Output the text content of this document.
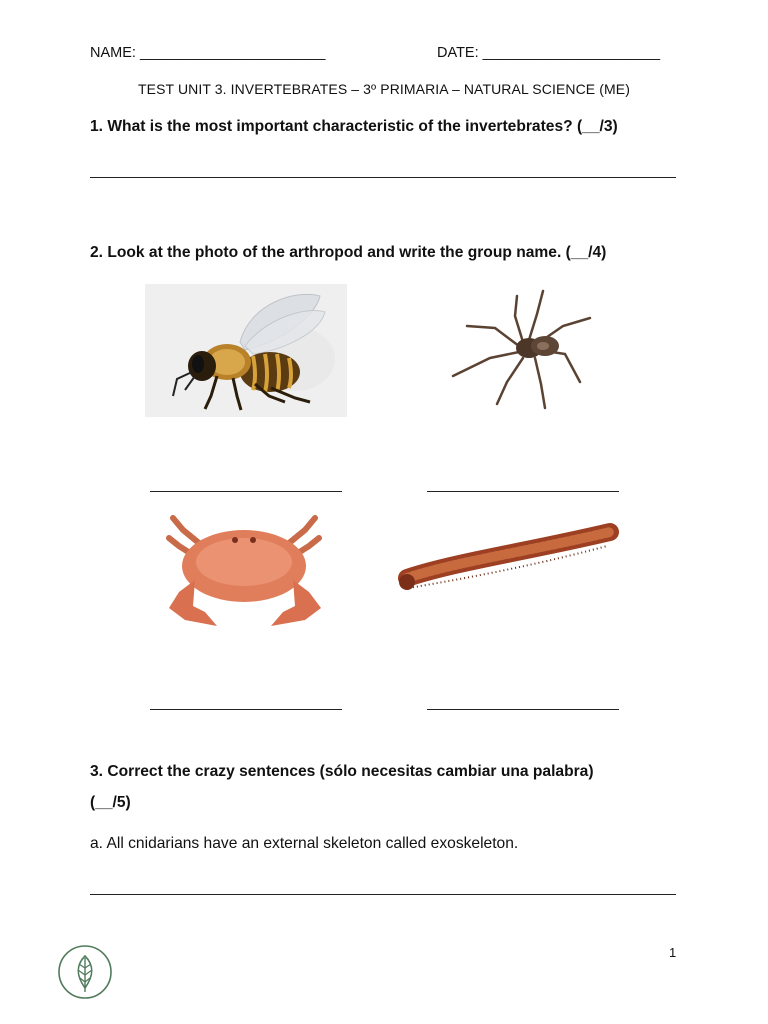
NAME: _______________________	DATE: ______________________
TEST UNIT 3. INVERTEBRATES – 3º PRIMARIA – NATURAL SCIENCE (ME)
1. What is the most important characteristic of the invertebrates? (__/3)
2. Look at the photo of the arthropod and write the group name. (__/4)
3. Correct the crazy sentences (sólo necesitas cambiar una palabra)
(__/5)
a. All cnidarians have an external skeleton called exoskeleton.
1
